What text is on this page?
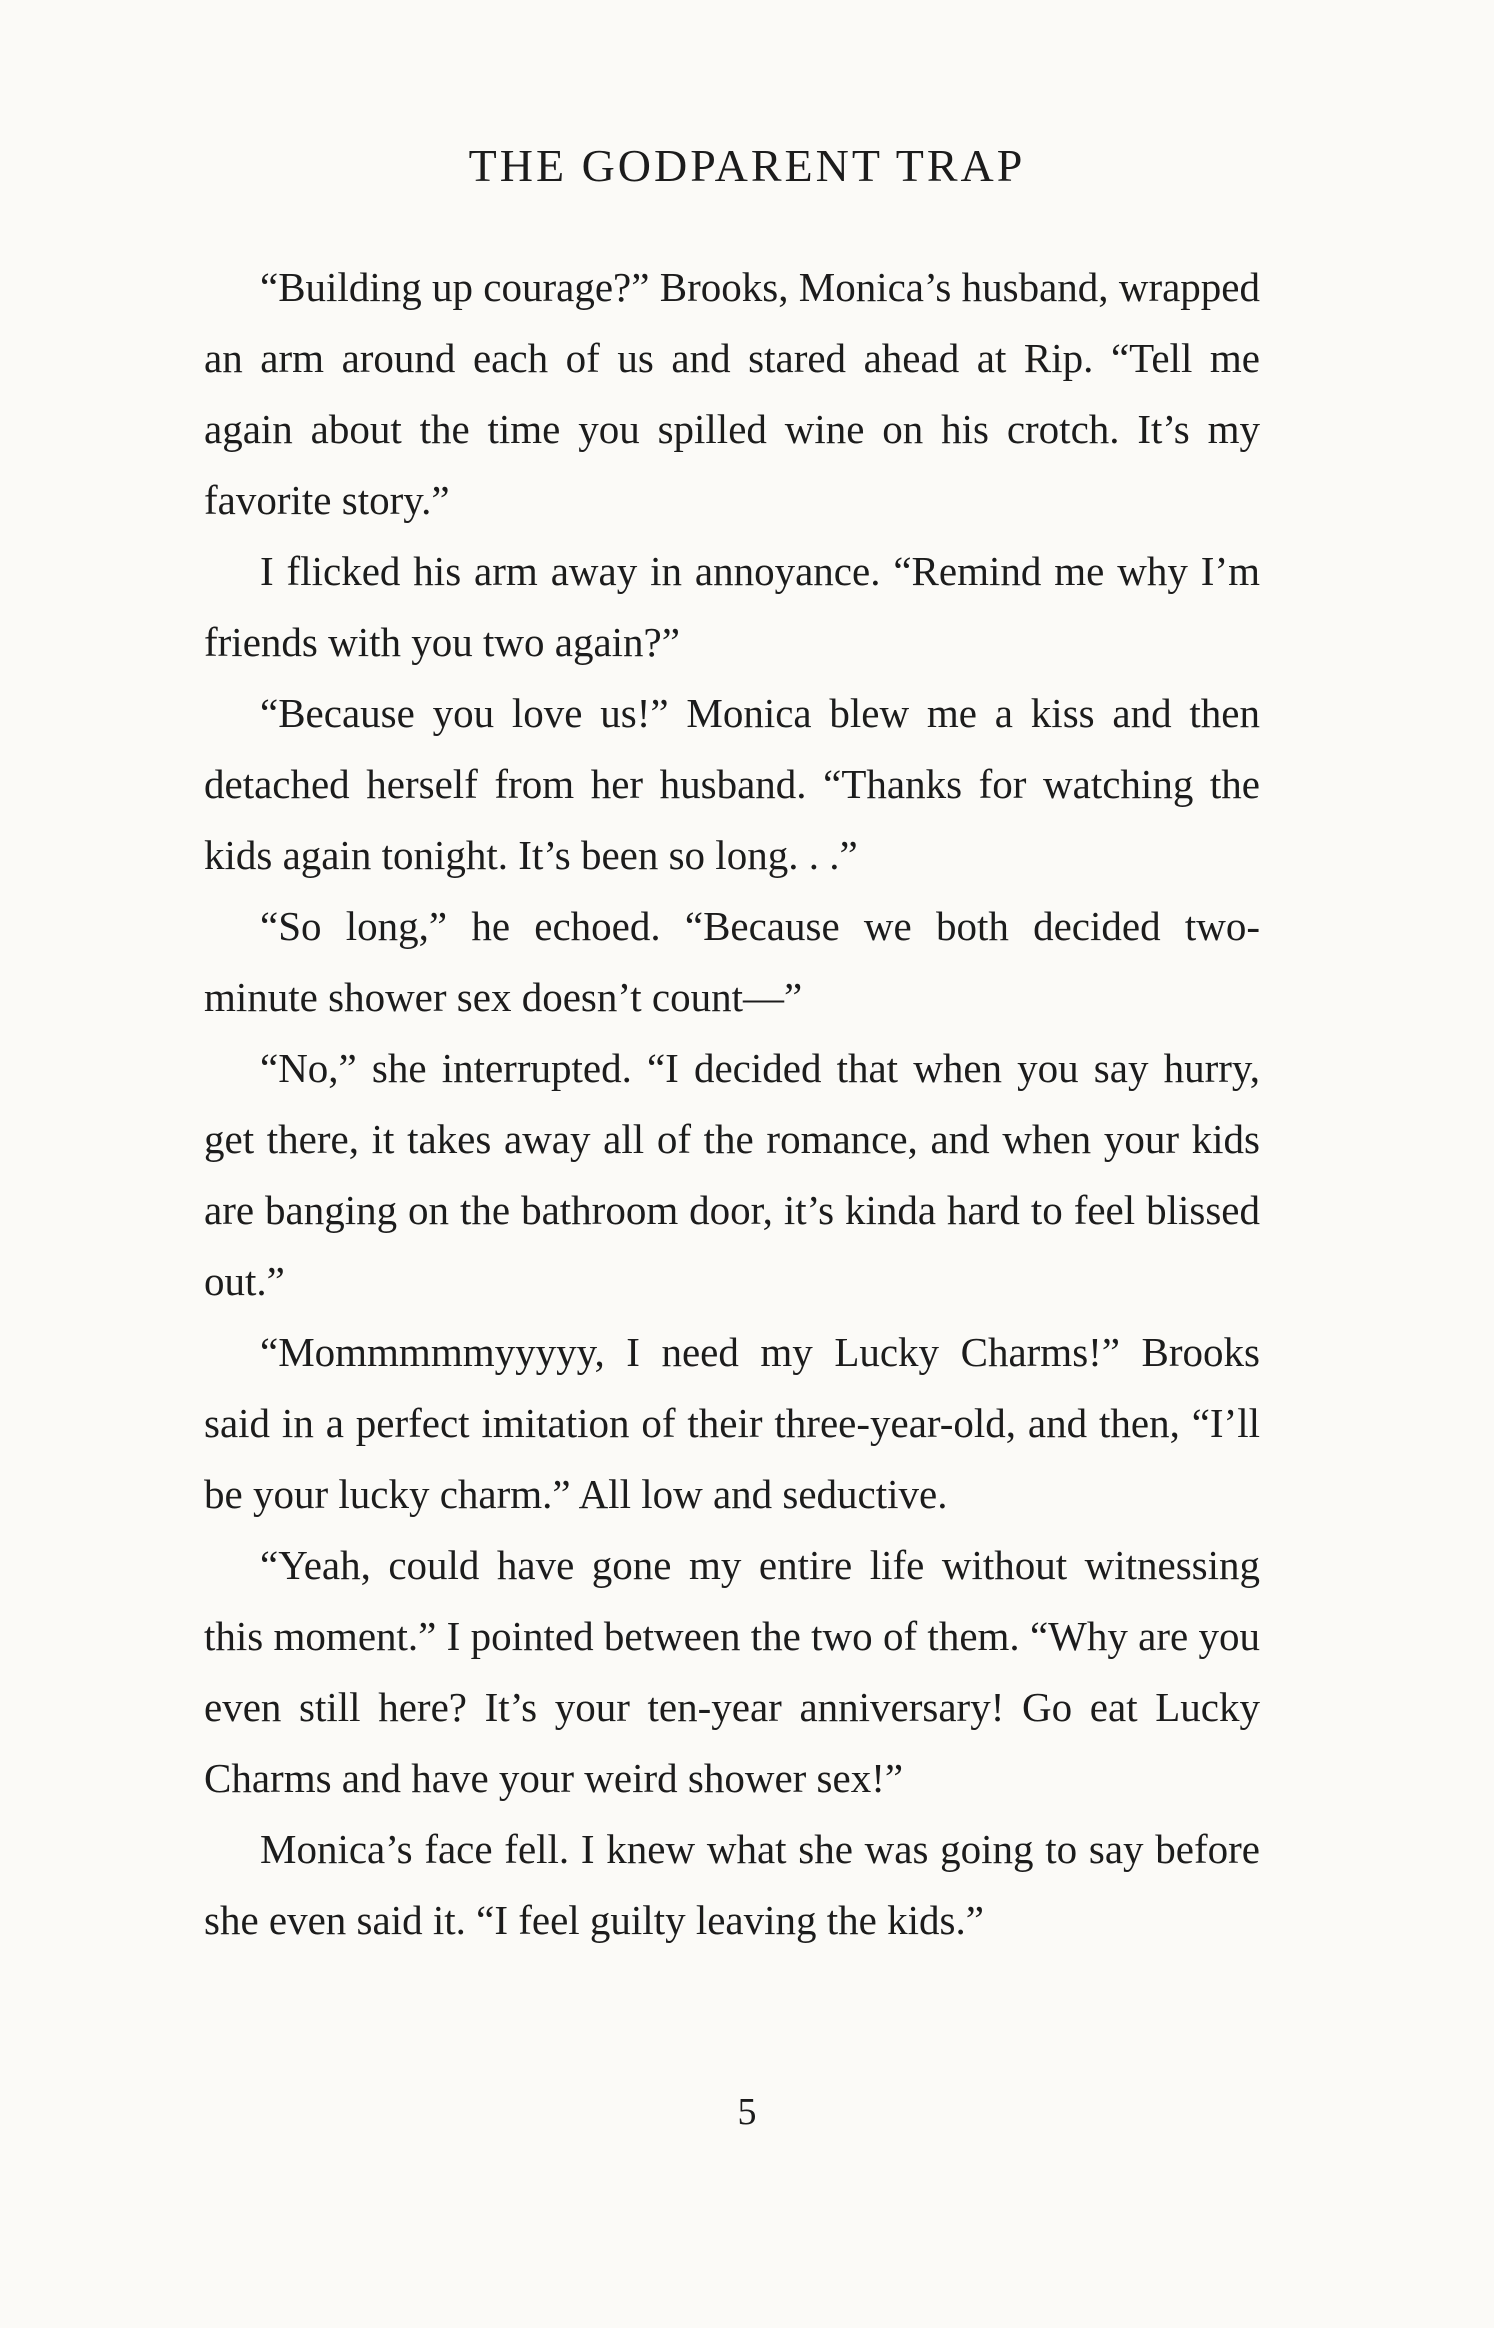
THE GODPARENT TRAP

“Building up courage?” Brooks, Monica’s husband, wrapped an arm around each of us and stared ahead at Rip. “Tell me again about the time you spilled wine on his crotch. It’s my favorite story.”

I flicked his arm away in annoyance. “Remind me why I’m friends with you two again?”

“Because you love us!” Monica blew me a kiss and then detached herself from her husband. “Thanks for watching the kids again tonight. It’s been so long. . .”

“So long,” he echoed. “Because we both decided two-minute shower sex doesn’t count—”

“No,” she interrupted. “I decided that when you say hurry, get there, it takes away all of the romance, and when your kids are banging on the bathroom door, it’s kinda hard to feel blissed out.”

“Mommmmmyyyyy, I need my Lucky Charms!” Brooks said in a perfect imitation of their three-year-old, and then, “I’ll be your lucky charm.” All low and seductive.

“Yeah, could have gone my entire life without witnessing this moment.” I pointed between the two of them. “Why are you even still here? It’s your ten-year anniversary! Go eat Lucky Charms and have your weird shower sex!”

Monica’s face fell. I knew what she was going to say before she even said it. “I feel guilty leaving the kids.”

5
